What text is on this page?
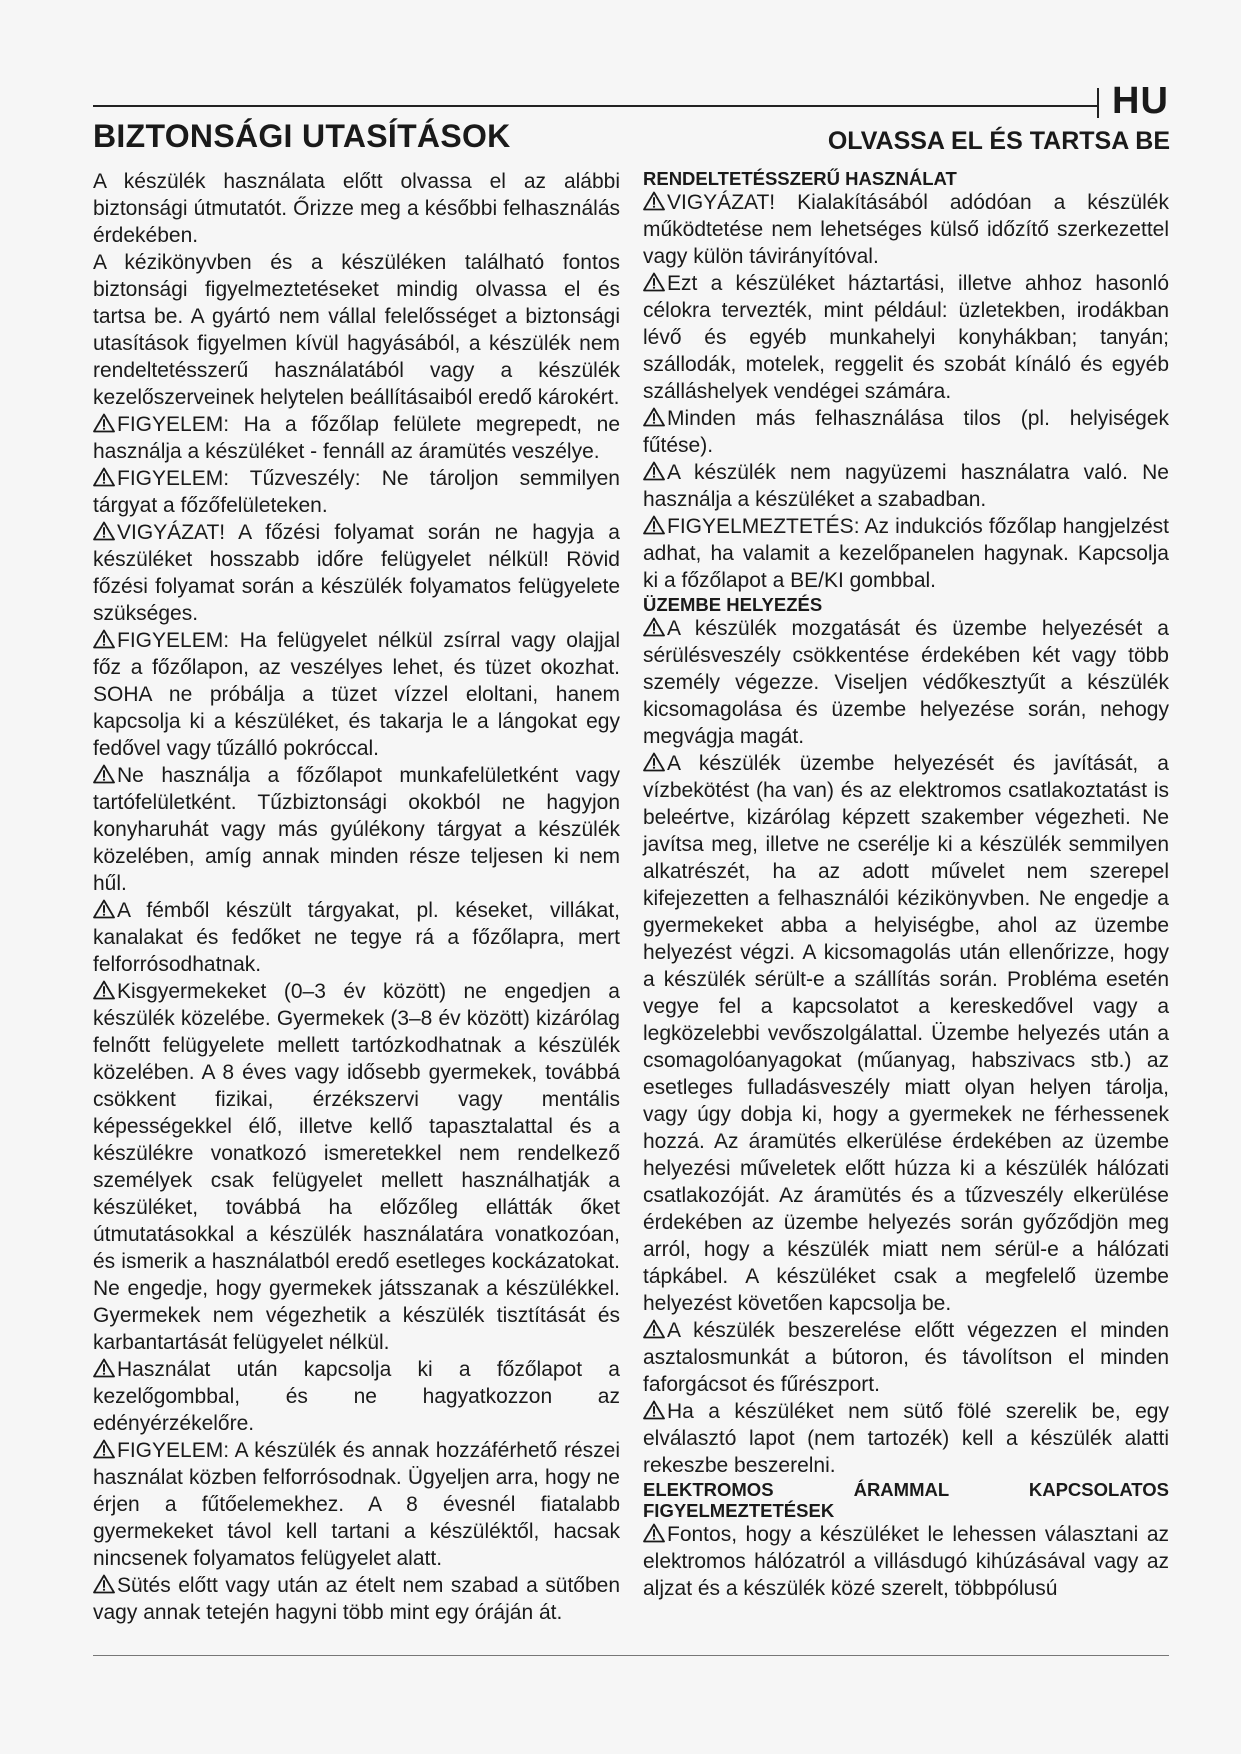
HU
BIZTONSÁGI UTASÍTÁSOK	OLVASSA EL ÉS TARTSA BE

A készülék használata előtt olvassa el az alábbi biztonsági útmutatót. Őrizze meg a későbbi felhasználás érdekében.

A kézikönyvben és a készüléken található fontos biztonsági figyelmeztetéseket mindig olvassa el és tartsa be. A gyártó nem vállal felelősséget a biztonsági utasítások figyelmen kívül hagyásából, a készülék nem rendeltetésszerű használatából vagy a készülék kezelőszerveinek helytelen beállításaiból eredő károkért.

FIGYELEM: Ha a főzőlap felülete megrepedt, ne használja a készüléket - fennáll az áramütés veszélye.

FIGYELEM: Tűzveszély: Ne tároljon semmilyen tárgyat a főzőfelületeken.

VIGYÁZAT! A főzési folyamat során ne hagyja a készüléket hosszabb időre felügyelet nélkül! Rövid főzési folyamat során a készülék folyamatos felügyelete szükséges.

FIGYELEM: Ha felügyelet nélkül zsírral vagy olajjal főz a főzőlapon, az veszélyes lehet, és tüzet okozhat. SOHA ne próbálja a tüzet vízzel eloltani, hanem kapcsolja ki a készüléket, és takarja le a lángokat egy fedővel vagy tűzálló pokróccal.

Ne használja a főzőlapot munkafelületként vagy tartófelületként. Tűzbiztonsági okokból ne hagyjon konyharuhát vagy más gyúlékony tárgyat a készülék közelében, amíg annak minden része teljesen ki nem hűl.

A fémből készült tárgyakat, pl. késeket, villákat, kanalakat és fedőket ne tegye rá a főzőlapra, mert felforrósodhatnak.

Kisgyermekeket (0–3 év között) ne engedjen a készülék közelébe. Gyermekek (3–8 év között) kizárólag felnőtt felügyelete mellett tartózkodhatnak a készülék közelében. A 8 éves vagy idősebb gyermekek, továbbá csökkent fizikai, érzékszervi vagy mentális képességekkel élő, illetve kellő tapasztalattal és a készülékre vonatkozó ismeretekkel nem rendelkező személyek csak felügyelet mellett használhatják a készüléket, továbbá ha előzőleg ellátták őket útmutatásokkal a készülék használatára vonatkozóan, és ismerik a használatból eredő esetleges kockázatokat. Ne engedje, hogy gyermekek játsszanak a készülékkel. Gyermekek nem végezhetik a készülék tisztítását és karbantartását felügyelet nélkül.

Használat után kapcsolja ki a főzőlapot a kezelőgombbal, és ne hagyatkozzon az edényérzékelőre.

FIGYELEM: A készülék és annak hozzáférhető részei használat közben felforrósodnak. Ügyeljen arra, hogy ne érjen a fűtőelemekhez. A 8 évesnél fiatalabb gyermekeket távol kell tartani a készüléktől, hacsak nincsenek folyamatos felügyelet alatt.

Sütés előtt vagy után az ételt nem szabad a sütőben vagy annak tetején hagyni több mint egy óráján át.

RENDELTETÉSSZERŰ HASZNÁLAT

VIGYÁZAT! Kialakításából adódóan a készülék működtetése nem lehetséges külső időzítő szerkezettel vagy külön távirányítóval.

Ezt a készüléket háztartási, illetve ahhoz hasonló célokra tervezték, mint például: üzletekben, irodákban lévő és egyéb munkahelyi konyhákban; tanyán; szállodák, motelek, reggelit és szobát kínáló és egyéb szálláshelyek vendégei számára.

Minden más felhasználása tilos (pl. helyiségek fűtése).

A készülék nem nagyüzemi használatra való. Ne használja a készüléket a szabadban.

FIGYELMEZTETÉS: Az indukciós főzőlap hangjelzést adhat, ha valamit a kezelőpanelen hagynak. Kapcsolja ki a főzőlapot a BE/KI gombbal.

ÜZEMBE HELYEZÉS

A készülék mozgatását és üzembe helyezését a sérülésveszély csökkentése érdekében két vagy több személy végezze. Viseljen védőkesztyűt a készülék kicsomagolása és üzembe helyezése során, nehogy megvágja magát.

A készülék üzembe helyezését és javítását, a vízbekötést (ha van) és az elektromos csatlakoztatást is beleértve, kizárólag képzett szakember végezheti. Ne javítsa meg, illetve ne cserélje ki a készülék semmilyen alkatrészét, ha az adott művelet nem szerepel kifejezetten a felhasználói kézikönyvben. Ne engedje a gyermekeket abba a helyiségbe, ahol az üzembe helyezést végzi. A kicsomagolás után ellenőrizze, hogy a készülék sérült-e a szállítás során. Probléma esetén vegye fel a kapcsolatot a kereskedővel vagy a legközelebbi vevőszolgálattal. Üzembe helyezés után a csomagolóanyagokat (műanyag, habszivacs stb.) az esetleges fulladásveszély miatt olyan helyen tárolja, vagy úgy dobja ki, hogy a gyermekek ne férhessenek hozzá. Az áramütés elkerülése érdekében az üzembe helyezési műveletek előtt húzza ki a készülék hálózati csatlakozóját. Az áramütés és a tűzveszély elkerülése érdekében az üzembe helyezés során győződjön meg arról, hogy a készülék miatt nem sérül-e a hálózati tápkábel. A készüléket csak a megfelelő üzembe helyezést követően kapcsolja be.

A készülék beszerelése előtt végezzen el minden asztalosmunkát a bútoron, és távolítson el minden faforgácsot és fűrészport.

Ha a készüléket nem sütő fölé szerelik be, egy elválasztó lapot (nem tartozék) kell a készülék alatti rekeszbe beszerelni.

ELEKTROMOS ÁRAMMAL KAPCSOLATOS FIGYELMEZTETÉSEK

Fontos, hogy a készüléket le lehessen választani az elektromos hálózatról a villásdugó kihúzásával vagy az aljzat és a készülék közé szerelt, többpólusú
